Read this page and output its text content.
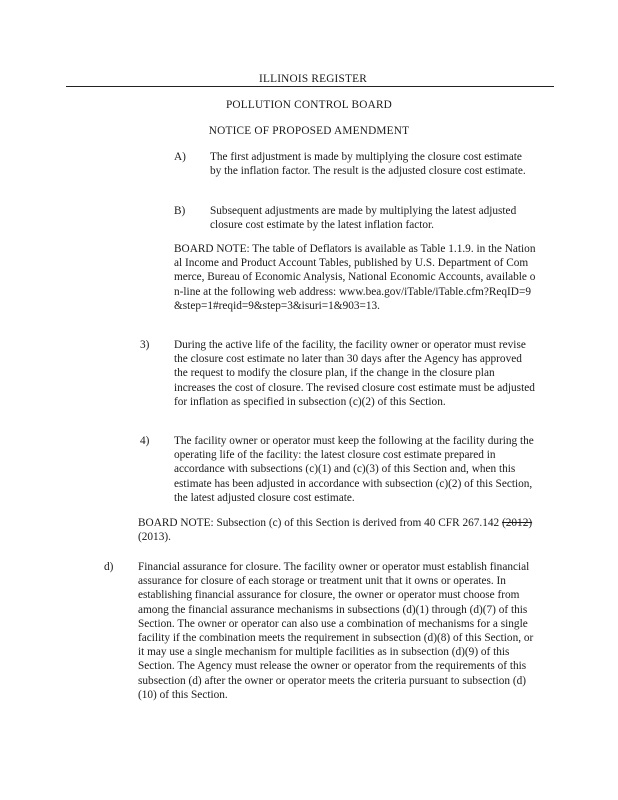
ILLINOIS REGISTER
POLLUTION CONTROL BOARD
NOTICE OF PROPOSED AMENDMENT
A) The first adjustment is made by multiplying the closure cost estimate by the inflation factor. The result is the adjusted closure cost estimate.
B) Subsequent adjustments are made by multiplying the latest adjusted closure cost estimate by the latest inflation factor.
BOARD NOTE: The table of Deflators is available as Table 1.1.9. in the National Income and Product Account Tables, published by U.S. Department of Commerce, Bureau of Economic Analysis, National Economic Accounts, available on-line at the following web address: www.bea.gov/iTable/iTable.cfm?ReqID=9&step=1#reqid=9&step=3&isuri=1&903=13.
3) During the active life of the facility, the facility owner or operator must revise the closure cost estimate no later than 30 days after the Agency has approved the request to modify the closure plan, if the change in the closure plan increases the cost of closure. The revised closure cost estimate must be adjusted for inflation as specified in subsection (c)(2) of this Section.
4) The facility owner or operator must keep the following at the facility during the operating life of the facility: the latest closure cost estimate prepared in accordance with subsections (c)(1) and (c)(3) of this Section and, when this estimate has been adjusted in accordance with subsection (c)(2) of this Section, the latest adjusted closure cost estimate.
BOARD NOTE: Subsection (c) of this Section is derived from 40 CFR 267.142 (2012) (2013).
d) Financial assurance for closure. The facility owner or operator must establish financial assurance for closure of each storage or treatment unit that it owns or operates. In establishing financial assurance for closure, the owner or operator must choose from among the financial assurance mechanisms in subsections (d)(1) through (d)(7) of this Section. The owner or operator can also use a combination of mechanisms for a single facility if the combination meets the requirement in subsection (d)(8) of this Section, or it may use a single mechanism for multiple facilities as in subsection (d)(9) of this Section. The Agency must release the owner or operator from the requirements of this subsection (d) after the owner or operator meets the criteria pursuant to subsection (d)(10) of this Section.
